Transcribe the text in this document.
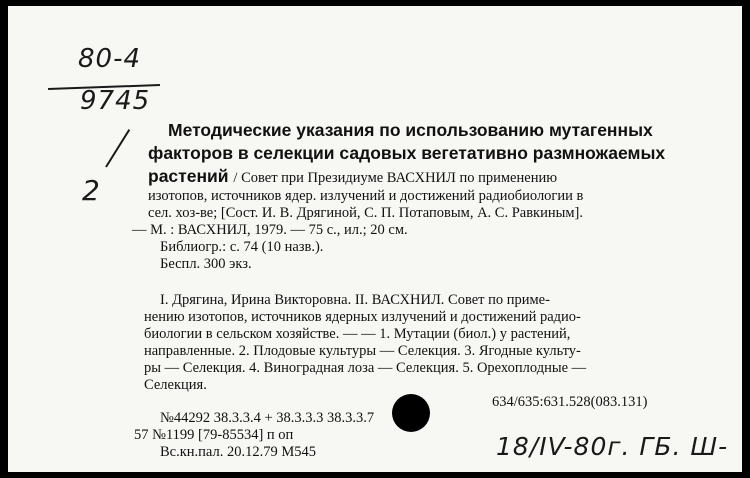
80-4
9745
2
Методические указания по использованию мутагенных
факторов в селекции садовых вегетативно размножаемых
растений / Совет при Президиуме ВАСХНИЛ по применению
изотопов, источников ядер. излучений и достижений радиобиологии в
сел. хоз-ве; [Сост. И. В. Дрягиной, С. П. Потаповым, А. С. Равкиным].
— М. : ВАСХНИЛ, 1979. — 75 с., ил.; 20 см.
Библиогр.: с. 74 (10 назв.).
Беспл. 300 экз.
I. Дрягина, Ирина Викторовна. II. ВАСХНИЛ. Совет по приме-
нению изотопов, источников ядерных излучений и достижений радио-
биологии в сельском хозяйстве. — — 1. Мутации (биол.) у растений,
направленные. 2. Плодовые культуры — Селекция. 3. Ягодные культу-
ры — Селекция. 4. Виноградная лоза — Селекция. 5. Орехоплодные —
Селекция.
634/635:631.528(083.131)
№44292 38.3.3.4 + 38.3.3.3 38.3.3.7
57 №1199 [79-85534] п оп
Вс.кн.пал. 20.12.79 М545	18/IV-80г. ГБ. Ш-
